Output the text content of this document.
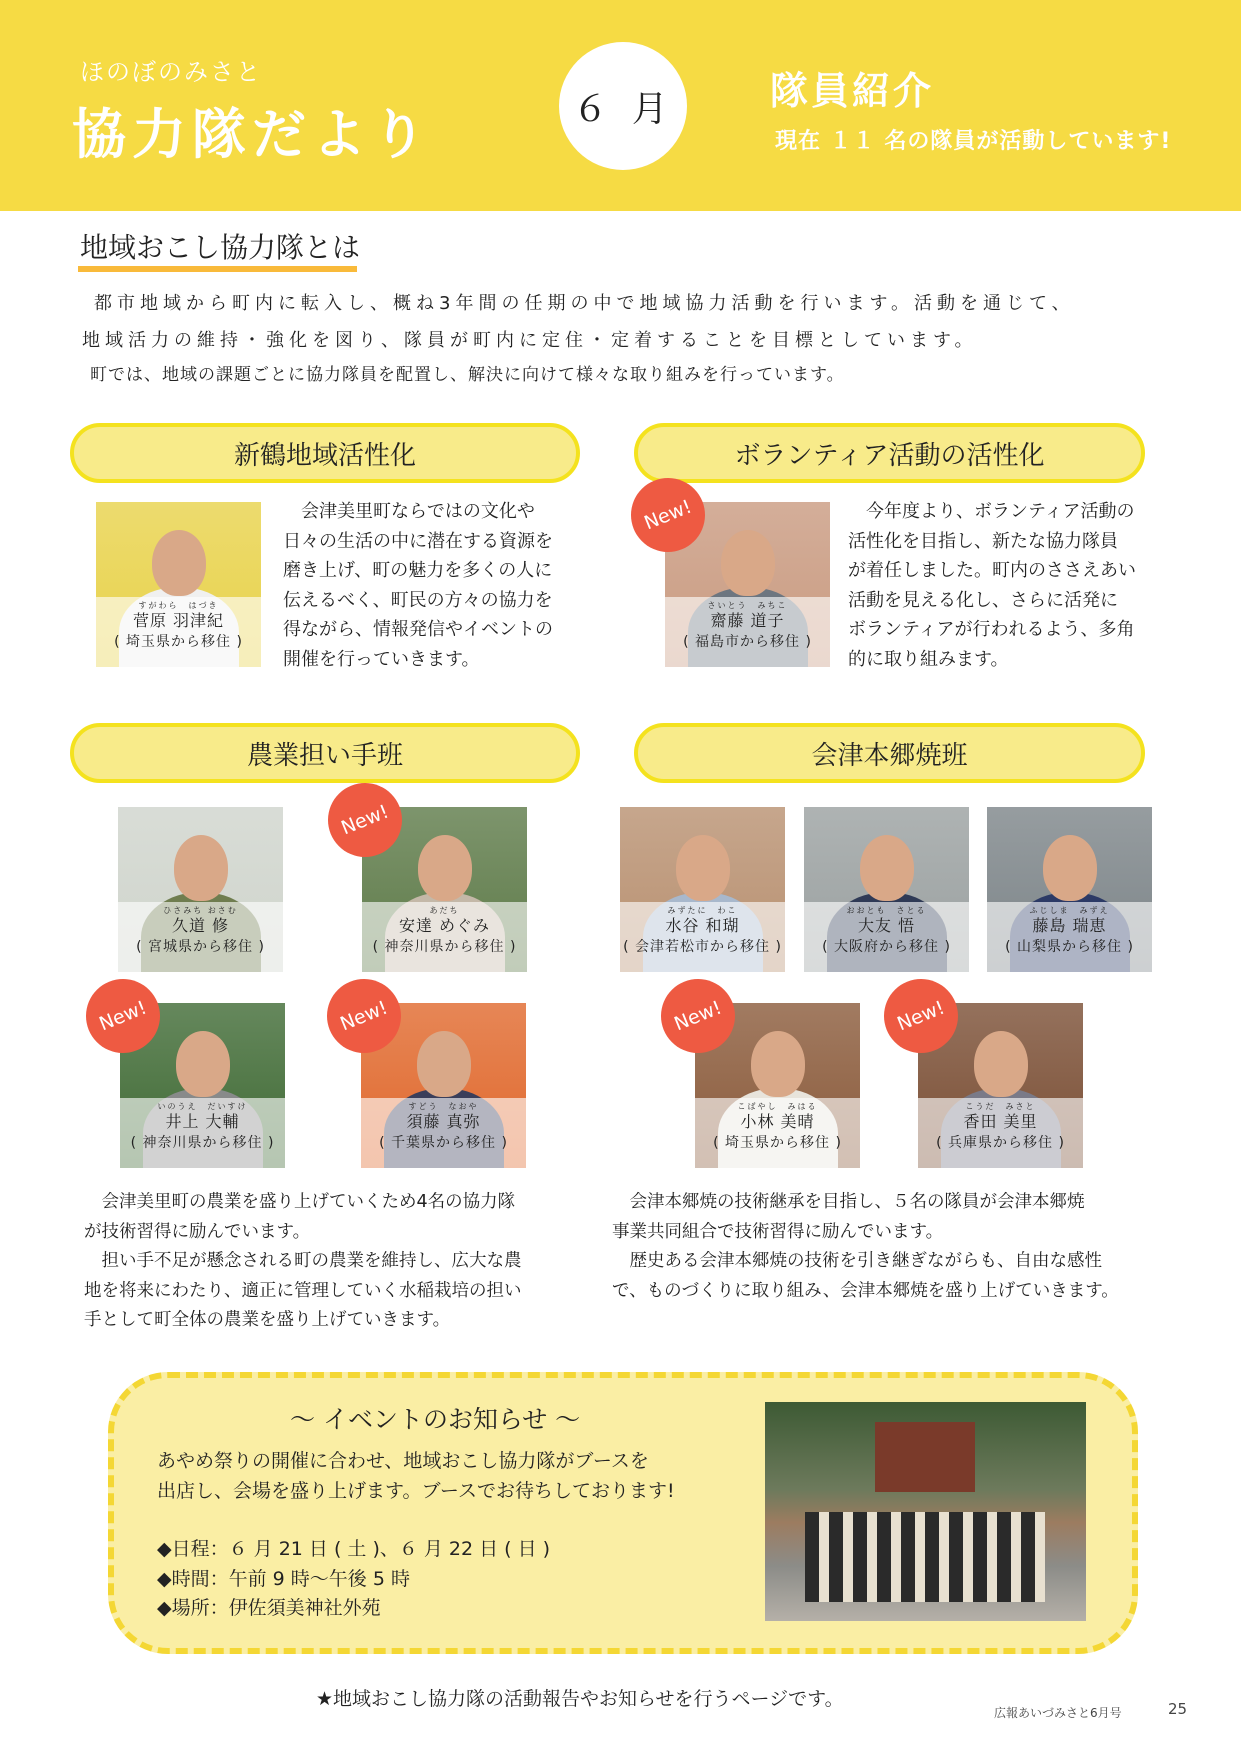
ほのぼのみさと
協力隊だより	６ 月	隊員紹介
現在 １１ 名の隊員が活動しています!
地域おこし協力隊とは
都市地域から町内に転入し、概ね3年間の任期の中で地域協力活動を行います。活動を通じて、
地域活力の維持・強化を図り、隊員が町内に定住・定着することを目標としています。
町では、地域の課題ごとに協力隊員を配置し、解決に向けて様々な取り組みを行っています。
新鶴地域活性化	ボランティア活動の活性化
農業担い手班	会津本郷焼班
会津美里町ならではの文化や
日々の生活の中に潜在する資源を
磨き上げ、町の魅力を多くの人に
伝えるべく、町民の方々の協力を
得ながら、情報発信やイベントの
開催を行っていきます。
今年度より、ボランティア活動の
活性化を目指し、新たな協力隊員
が着任しました。町内のささえあい
活動を見える化し、さらに活発に
ボランティアが行われるよう、多角
的に取り組みます。
会津美里町の農業を盛り上げていくため4名の協力隊
が技術習得に励んでいます。
担い手不足が懸念される町の農業を維持し、広大な農
地を将来にわたり、適正に管理していく水稲栽培の担い
手として町全体の農業を盛り上げていきます。
会津本郷焼の技術継承を目指し、５名の隊員が会津本郷焼
事業共同組合で技術習得に励んでいます。
歴史ある会津本郷焼の技術を引き継ぎながらも、自由な感性
で、ものづくりに取り組み、会津本郷焼を盛り上げていきます。
すがわら　はづき
菅原 羽津紀
( 埼玉県から移住 )
さいとう　みちこ
齋藤 道子
( 福島市から移住 )
New!
ひさみち おさむ
久道 修
( 宮城県から移住 )
あだち
安達 めぐみ
( 神奈川県から移住 )
New!
いのうえ　だいすけ
井上 大輔
( 神奈川県から移住 )
New!
すどう　なおや
須藤 真弥
( 千葉県から移住 )
New!
みずたに　わこ
水谷 和瑚
( 会津若松市から移住 )
おおとも　さとる
大友 悟
( 大阪府から移住 )
ふじしま　みずえ
藤島 瑞恵
( 山梨県から移住 )
こばやし　みはる
小林 美晴
( 埼玉県から移住 )
New!
こうだ　みさと
香田 美里
( 兵庫県から移住 )
New!
～ イベントのお知らせ ～
あやめ祭りの開催に合わせ、地域おこし協力隊がブースを
出店し、会場を盛り上げます。ブースでお待ちしております!
◆日程：６ 月 21 日 ( 土 )、６ 月 22 日 ( 日 )
◆時間：午前 9 時～午後 5 時
◆場所：伊佐須美神社外苑
★地域おこし協力隊の活動報告やお知らせを行うページです。
広報あいづみさと6月号	25
